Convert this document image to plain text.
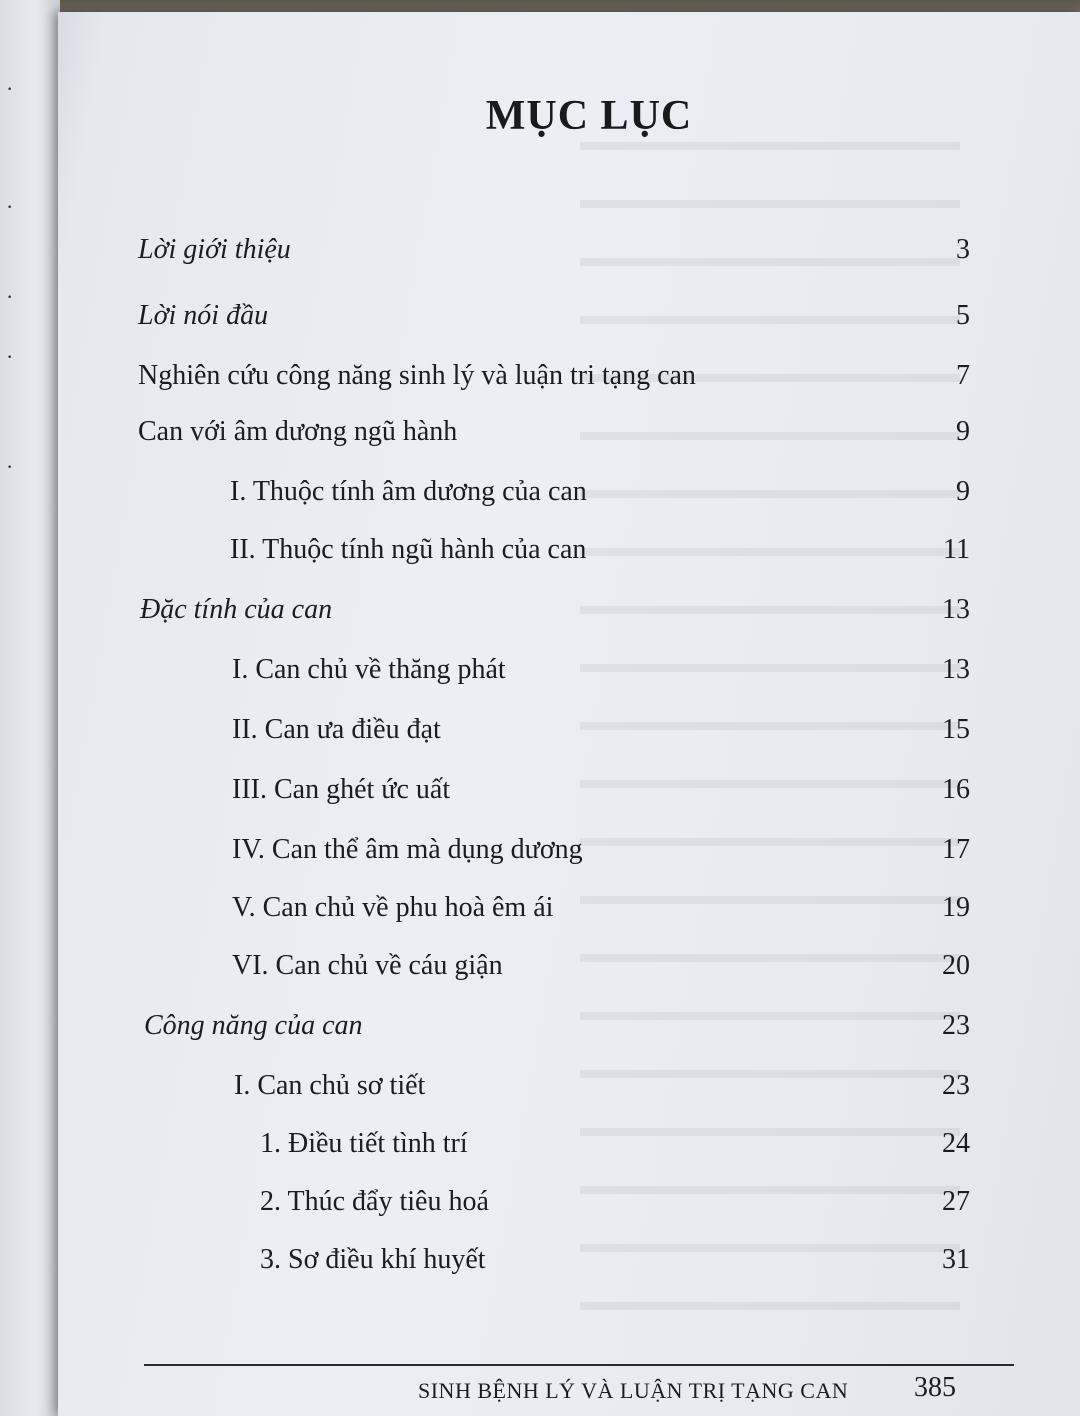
·
·
·
·
·
MỤC LỤC
Lời giới thiệu	3
Lời nói đầu	5
Nghiên cứu công năng sinh lý và luận tri tạng can	7
Can với âm dương ngũ hành	9
I. Thuộc tính âm dương của can	9
II. Thuộc tính ngũ hành của can	11
Đặc tính của can	13
I. Can chủ về thăng phát	13
II. Can ưa điều đạt	15
III. Can ghét ức uất	16
IV. Can thể âm mà dụng dương	17
V. Can chủ về phu hoà êm ái	19
VI. Can chủ về cáu giận	20
Công năng của can	23
I. Can chủ sơ tiết	23
1. Điều tiết tình trí	24
2. Thúc đẩy tiêu hoá	27
3. Sơ điều khí huyết	31
SINH BỆNH LÝ VÀ LUẬN TRỊ TẠNG CAN 385
